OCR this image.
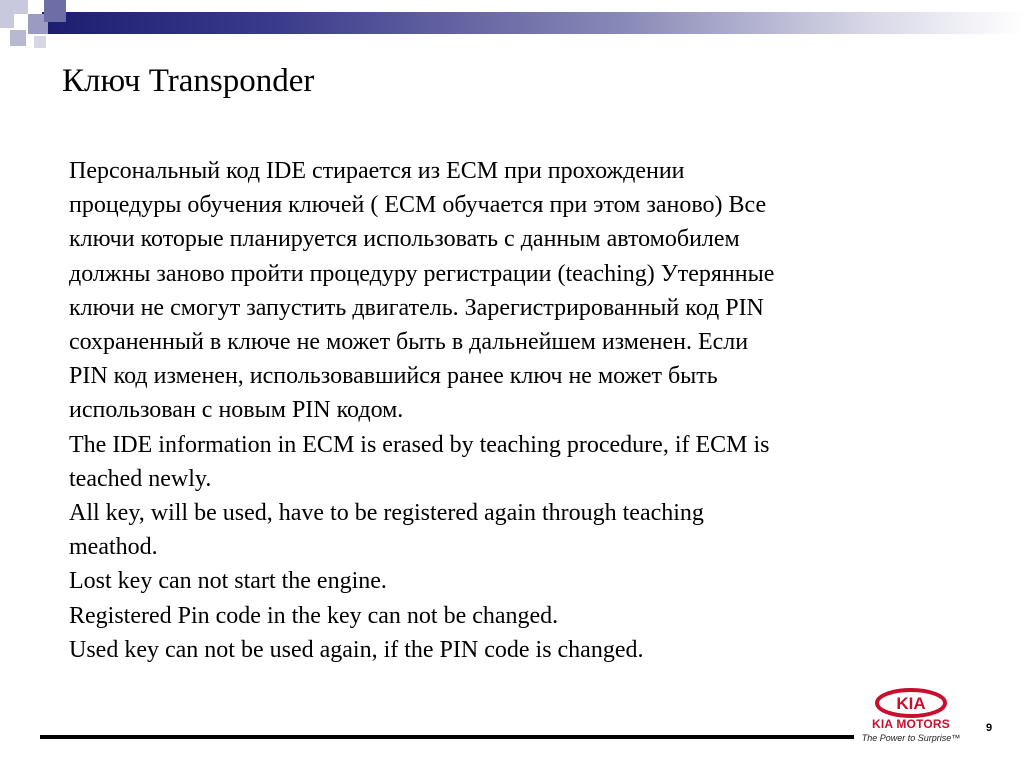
Ключ Transponder
Персональный код IDE стирается из ECM при прохождении
процедуры обучения ключей ( ECM обучается при этом заново) Все
ключи которые планируется использовать с данным автомобилем
должны заново пройти процедуру регистрации (teaching) Утерянные
ключи не смогут запустить двигатель. Зарегистрированный код PIN
сохраненный в ключе не может быть в дальнейшем изменен. Если
PIN код изменен, использовавшийся ранее ключ не может быть
использован с новым PIN кодом.
The IDE information in ECM is erased by teaching procedure, if ECM is
teached newly.
All key, will be used, have to be registered again through teaching
meathod.
Lost key can not start the engine.
Registered Pin code in the key can not be changed.
Used key can not be used again, if the PIN code is changed.
KIA
KIA MOTORS
The Power to Surprise™
9
